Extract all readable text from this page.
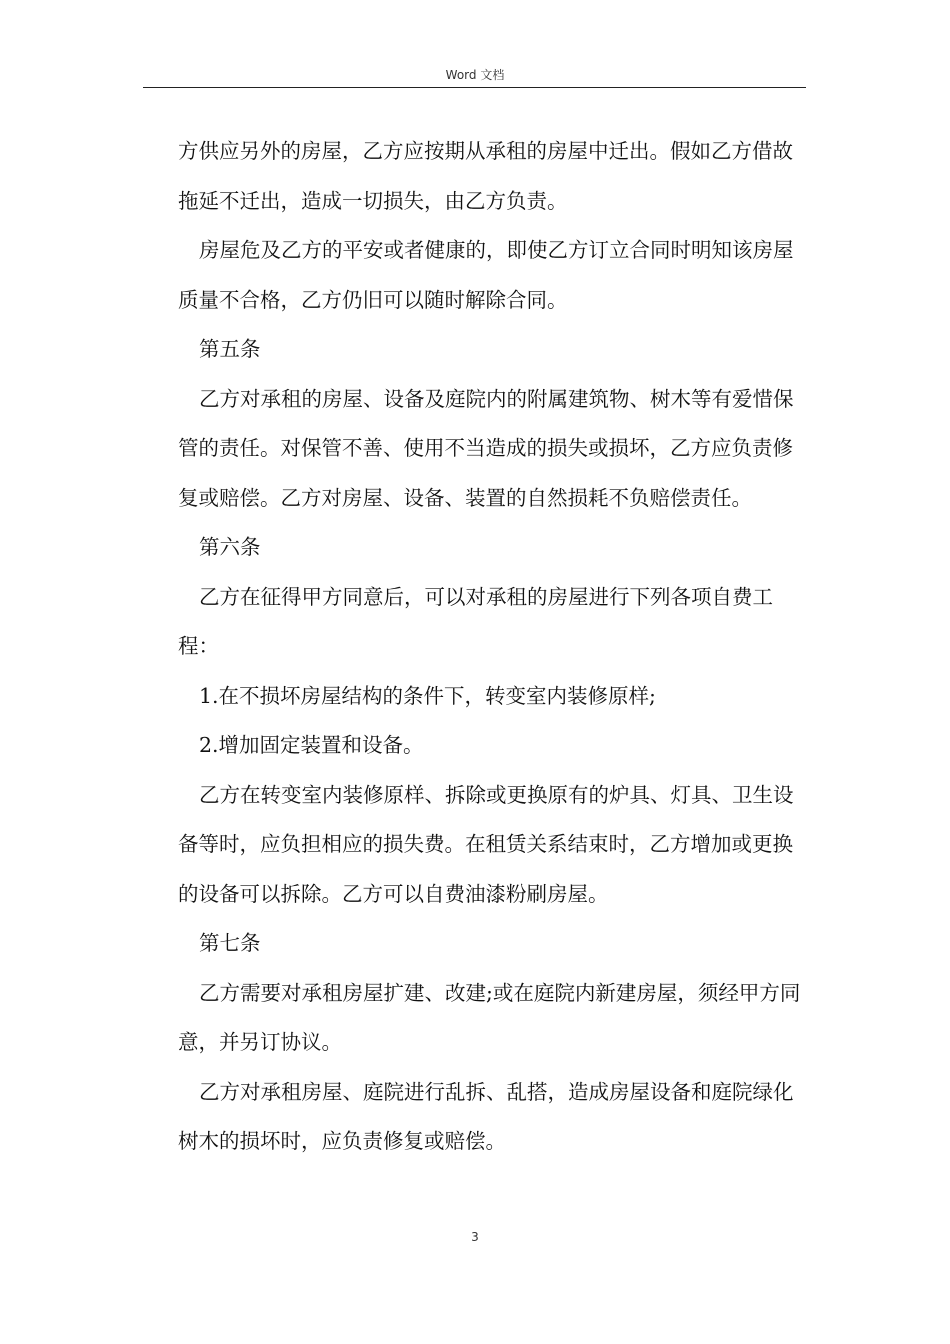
Word 文档

方供应另外的房屋，乙方应按期从承租的房屋中迁出。假如乙方借故拖延不迁出，造成一切损失，由乙方负责。

房屋危及乙方的平安或者健康的，即使乙方订立合同时明知该房屋质量不合格，乙方仍旧可以随时解除合同。

第五条

乙方对承租的房屋、设备及庭院内的附属建筑物、树木等有爱惜保管的责任。对保管不善、使用不当造成的损失或损坏，乙方应负责修复或赔偿。乙方对房屋、设备、装置的自然损耗不负赔偿责任。

第六条

乙方在征得甲方同意后，可以对承租的房屋进行下列各项自费工程：

1.在不损坏房屋结构的条件下，转变室内装修原样;

2.增加固定装置和设备。

乙方在转变室内装修原样、拆除或更换原有的炉具、灯具、卫生设备等时，应负担相应的损失费。在租赁关系结束时，乙方增加或更换的设备可以拆除。乙方可以自费油漆粉刷房屋。

第七条

乙方需要对承租房屋扩建、改建;或在庭院内新建房屋，须经甲方同意，并另订协议。

乙方对承租房屋、庭院进行乱拆、乱搭，造成房屋设备和庭院绿化树木的损坏时，应负责修复或赔偿。

3
